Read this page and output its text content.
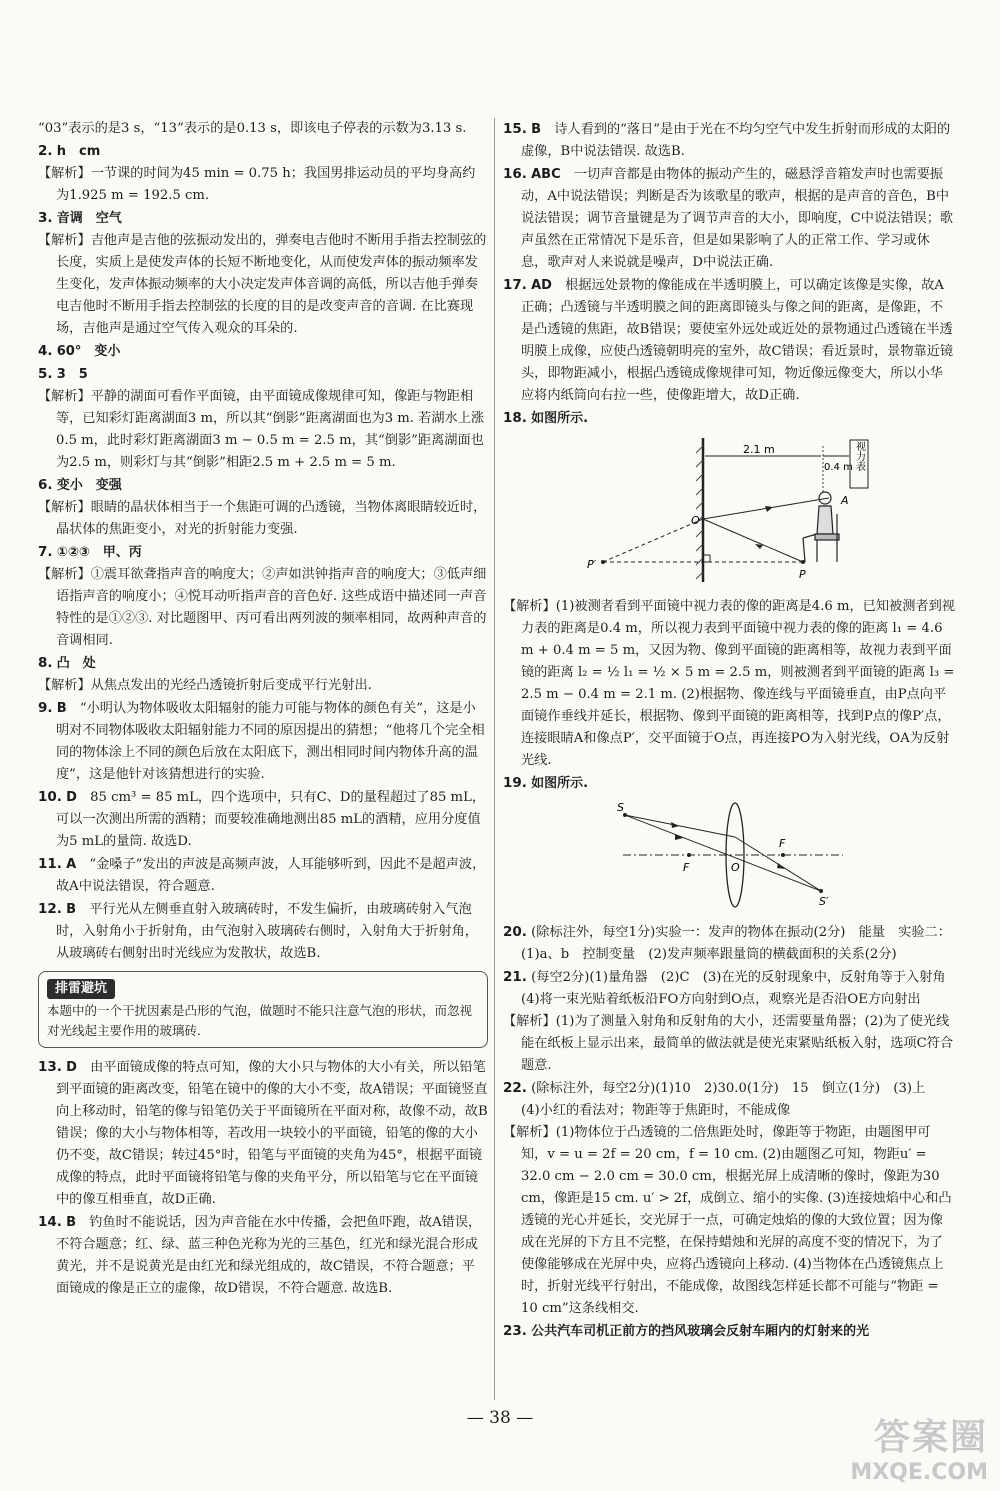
“03”表示的是3 s，“13”表示的是0.13 s，即该电子停表的示数为3.13 s.
2. h　cm　
【解析】一节课的时间为45 min = 0.75 h；我国男排运动员的平均身高约为1.925 m = 192.5 cm.
3. 音调　空气　
【解析】吉他声是吉他的弦振动发出的，弹奏电吉他时不断用手指去控制弦的长度，实质上是使发声体的长短不断地变化，从而使发声体的振动频率发生变化，发声体振动频率的大小决定发声体音调的高低，所以吉他手弹奏电吉他时不断用手指去控制弦的长度的目的是改变声音的音调. 在比赛现场，吉他声是通过空气传入观众的耳朵的.
4. 60°　变小　
5. 3　5　
【解析】平静的湖面可看作平面镜，由平面镜成像规律可知，像距与物距相等，已知彩灯距离湖面3 m，所以其“倒影”距离湖面也为3 m. 若湖水上涨0.5 m，此时彩灯距离湖面3 m − 0.5 m = 2.5 m，其“倒影”距离湖面也为2.5 m，则彩灯与其“倒影”相距2.5 m + 2.5 m = 5 m.
6. 变小　变强　
【解析】眼睛的晶状体相当于一个焦距可调的凸透镜，当物体离眼睛较近时，晶状体的焦距变小，对光的折射能力变强.
7. ①②③　甲、丙　
【解析】①震耳欲聋指声音的响度大；②声如洪钟指声音的响度大；③低声细语指声音的响度小；④悦耳动听指声音的音色好. 这些成语中描述同一声音特性的是①②③. 对比题图甲、丙可看出两列波的频率相同，故两种声音的音调相同.
8. 凸　处　
【解析】从焦点发出的光经凸透镜折射后变成平行光射出.
9. B　 “小明认为物体吸收太阳辐射的能力可能与物体的颜色有关”，这是小明对不同物体吸收太阳辐射能力不同的原因提出的猜想；“他将几个完全相同的物体涂上不同的颜色后放在太阳底下，测出相同时间内物体升高的温度”，这是他针对该猜想进行的实验.
10. D　 85 cm³ = 85 mL，四个选项中，只有C、D的量程超过了85 mL，可以一次测出所需的酒精；而要较准确地测出85 mL的酒精，应用分度值为5 mL的量筒. 故选D.
11. A　 “金嗓子”发出的声波是高频声波，人耳能够听到，因此不是超声波，故A中说法错误，符合题意.
12. B　 平行光从左侧垂直射入玻璃砖时，不发生偏折，由玻璃砖射入气泡时，入射角小于折射角，由气泡射入玻璃砖右侧时，入射角大于折射角，从玻璃砖右侧射出时光线应为发散状，故选B.
排雷避坑
本题中的一个干扰因素是凸形的气泡，做题时不能只注意气泡的形状，而忽视对光线起主要作用的玻璃砖.
13. D　 由平面镜成像的特点可知，像的大小只与物体的大小有关，所以铅笔到平面镜的距离改变，铅笔在镜中的像的大小不变，故A错误；平面镜竖直向上移动时，铅笔的像与铅笔仍关于平面镜所在平面对称，故像不动，故B错误；像的大小与物体相等，若改用一块较小的平面镜，铅笔的像的大小仍不变，故C错误；转过45°时，铅笔与平面镜的夹角为45°，根据平面镜成像的特点，此时平面镜将铅笔与像的夹角平分，所以铅笔与它在平面镜中的像互相垂直，故D正确.
14. B　 钓鱼时不能说话，因为声音能在水中传播，会把鱼吓跑，故A错误，不符合题意；红、绿、蓝三种色光称为光的三基色，红光和绿光混合形成黄光，并不是说黄光是由红光和绿光组成的，故C错误，不符合题意；平面镜成的像是正立的虚像，故D错误，不符合题意. 故选B.
15. B　 诗人看到的“落日”是由于光在不均匀空气中发生折射而形成的太阳的虚像，B中说法错误. 故选B.
16. ABC　 一切声音都是由物体的振动产生的，磁悬浮音箱发声时也需要振动，A中说法错误；判断是否为该歌星的歌声，根据的是声音的音色，B中说法错误；调节音量键是为了调节声音的大小，即响度，C中说法错误；歌声虽然在正常情况下是乐音，但是如果影响了人的正常工作、学习或休息，歌声对人来说就是噪声，D中说法正确.
17. AD　 根据远处景物的像能成在半透明膜上，可以确定该像是实像，故A正确；凸透镜与半透明膜之间的距离即镜头与像之间的距离，是像距，不是凸透镜的焦距，故B错误；要使室外远处或近处的景物通过凸透镜在半透明膜上成像，应使凸透镜朝明亮的室外，故C错误；看近景时，景物靠近镜头，即物距减小，根据凸透镜成像规律可知，物近像远像变大，所以小华应将内纸筒向右拉一些，使像距增大，故D正确.
18. 如图所示.　
2.1 m
0.4 m 视力表
P′
P
O
A
【解析】(1)被测者看到平面镜中视力表的像的距离是4.6 m，已知被测者到视力表的距离是0.4 m，所以视力表到平面镜中视力表的像的距离 l₁ = 4.6 m + 0.4 m = 5 m，又因为物、像到平面镜的距离相等，故视力表到平面镜的距离 l₂ = ½ l₁ = ½ × 5 m = 2.5 m，则被测者到平面镜的距离 l₃ = 2.5 m − 0.4 m = 2.1 m. (2)根据物、像连线与平面镜垂直，由P点向平面镜作垂线并延长，根据物、像到平面镜的距离相等，找到P点的像P′点，连接眼睛A和像点P′，交平面镜于O点，再连接PO为入射光线，OA为反射光线.
19. 如图所示.　
S
F
F
O
S′
20. (除标注外，每空1分)实验一：发声的物体在振动(2分)　能量　实验二：(1)a、b　控制变量　(2)发声频率跟量筒的横截面积的关系(2分)
21. (每空2分)(1)量角器　(2)C　(3)在光的反射现象中，反射角等于入射角　(4)将一束光贴着纸板沿FO方向射到O点，观察光是否沿OE方向射出
【解析】(1)为了测量入射角和反射角的大小，还需要量角器；(2)为了使光线能在纸板上显示出来，最简单的做法就是使光束紧贴纸板入射，选项C符合题意.
22. (除标注外，每空2分)(1)10　2)30.0(1分)　15　倒立(1分)　(3)上　(4)小红的看法对；物距等于焦距时，不能成像
【解析】(1)物体位于凸透镜的二倍焦距处时，像距等于物距，由题图甲可知，v = u = 2f = 20 cm，f = 10 cm. (2)由题图乙可知，物距u′ = 32.0 cm − 2.0 cm = 30.0 cm，根据光屏上成清晰的像时，像距为30 cm，像距是15 cm. u′ > 2f，成倒立、缩小的实像. (3)连接烛焰中心和凸透镜的光心并延长，交光屏于一点，可确定烛焰的像的大致位置；因为像成在光屏的下方且不完整，在保持蜡烛和光屏的高度不变的情况下，为了使像能够成在光屏中央，应将凸透镜向上移动. (4)当物体在凸透镜焦点上时，折射光线平行射出，不能成像，故图线怎样延长都不可能与“物距 = 10 cm”这条线相交.
23. 公共汽车司机正前方的挡风玻璃会反射车厢内的灯射来的光　
— 38 —	答案圈
MXQE.COM
